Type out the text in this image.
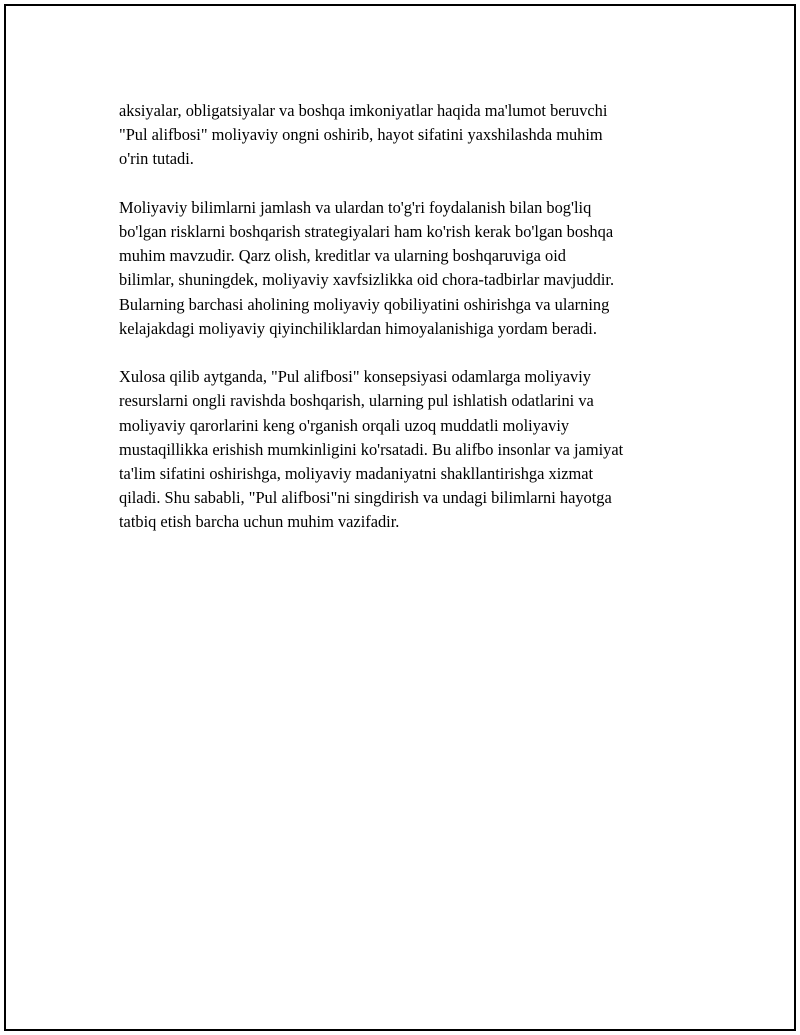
aksiyalar, obligatsiyalar va boshqa imkoniyatlar haqida ma'lumot beruvchi
"Pul alifbosi" moliyaviy ongni oshirib, hayot sifatini yaxshilashda muhim
o'rin tutadi.

Moliyaviy bilimlarni jamlash va ulardan to'g'ri foydalanish bilan bog'liq
bo'lgan risklarni boshqarish strategiyalari ham ko'rish kerak bo'lgan boshqa
muhim mavzudir. Qarz olish, kreditlar va ularning boshqaruviga oid
bilimlar, shuningdek, moliyaviy xavfsizlikka oid chora-tadbirlar mavjuddir.
Bularning barchasi aholining moliyaviy qobiliyatini oshirishga va ularning
kelajakdagi moliyaviy qiyinchiliklardan himoyalanishiga yordam beradi.

Xulosa qilib aytganda, "Pul alifbosi" konsepsiyasi odamlarga moliyaviy
resurslarni ongli ravishda boshqarish, ularning pul ishlatish odatlarini va
moliyaviy qarorlarini keng o'rganish orqali uzoq muddatli moliyaviy
mustaqillikka erishish mumkinligini ko'rsatadi. Bu alifbo insonlar va jamiyat
ta'lim sifatini oshirishga, moliyaviy madaniyatni shakllantirishga xizmat
qiladi. Shu sababli, "Pul alifbosi"ni singdirish va undagi bilimlarni hayotga
tatbiq etish barcha uchun muhim vazifadir.
